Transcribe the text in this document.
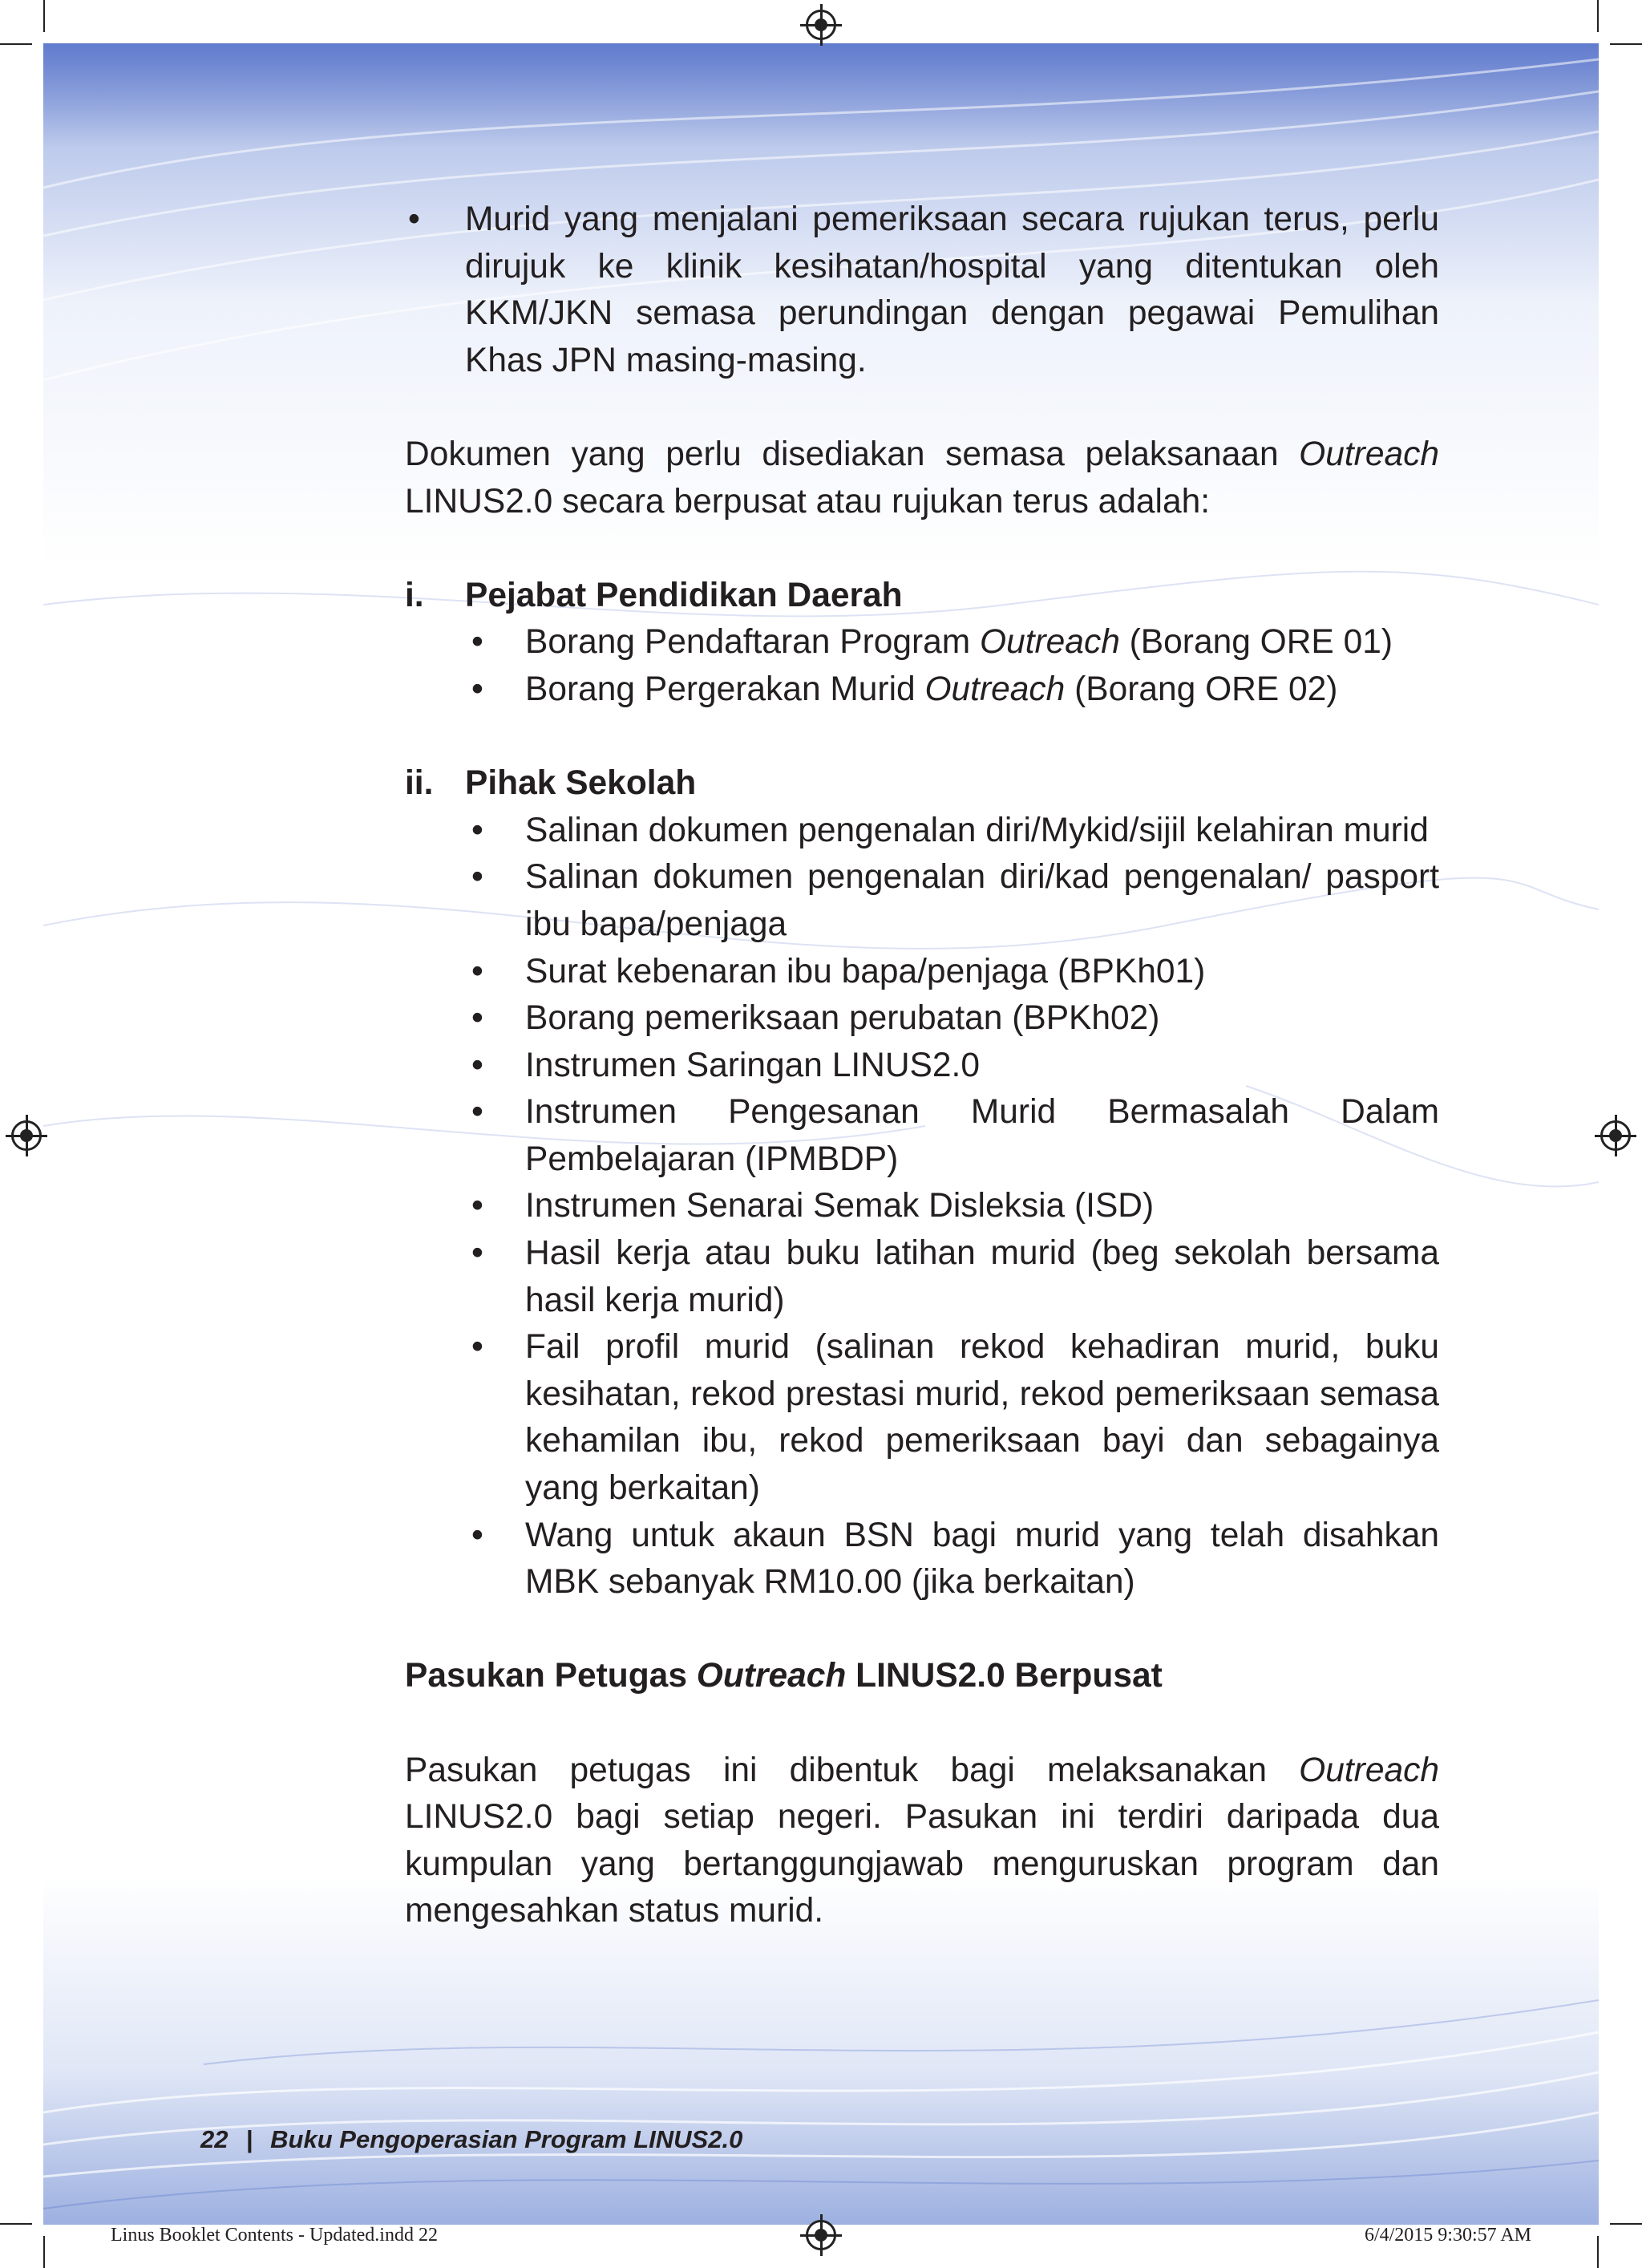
• Murid yang menjalani pemeriksaan secara rujukan terus, perlu dirujuk ke klinik kesihatan/hospital yang ditentukan oleh KKM/JKN semasa perundingan dengan pegawai Pemulihan Khas JPN masing-masing.

Dokumen yang perlu disediakan semasa pelaksanaan Outreach LINUS2.0 secara berpusat atau rujukan terus adalah:

i. Pejabat Pendidikan Daerah
• Borang Pendaftaran Program Outreach (Borang ORE 01)
• Borang Pergerakan Murid Outreach (Borang ORE 02)
ii. Pihak Sekolah
• Salinan dokumen pengenalan diri/Mykid/sijil kelahiran murid
• Salinan dokumen pengenalan diri/kad pengenalan/ pasport ibu bapa/penjaga
• Surat kebenaran ibu bapa/penjaga (BPKh01)
• Borang pemeriksaan perubatan (BPKh02)
• Instrumen Saringan LINUS2.0
• Instrumen Pengesanan Murid Bermasalah Dalam Pembelajaran (IPMBDP)
• Instrumen Senarai Semak Disleksia (ISD)
• Hasil kerja atau buku latihan murid (beg sekolah bersama hasil kerja murid)
• Fail profil murid (salinan rekod kehadiran murid, buku kesihatan, rekod prestasi murid, rekod pemeriksaan semasa kehamilan ibu, rekod pemeriksaan bayi dan sebagainya yang berkaitan)
• Wang untuk akaun BSN bagi murid yang telah disahkan MBK sebanyak RM10.00 (jika berkaitan)
Pasukan Petugas Outreach LINUS2.0 Berpusat

Pasukan petugas ini dibentuk bagi melaksanakan Outreach LINUS2.0 bagi setiap negeri. Pasukan ini terdiri daripada dua kumpulan yang bertanggungjawab menguruskan program dan mengesahkan status murid.

22 | Buku Pengoperasian Program LINUS2.0
Linus Booklet Contents - Updated.indd 22	6/4/2015 9:30:57 AM
